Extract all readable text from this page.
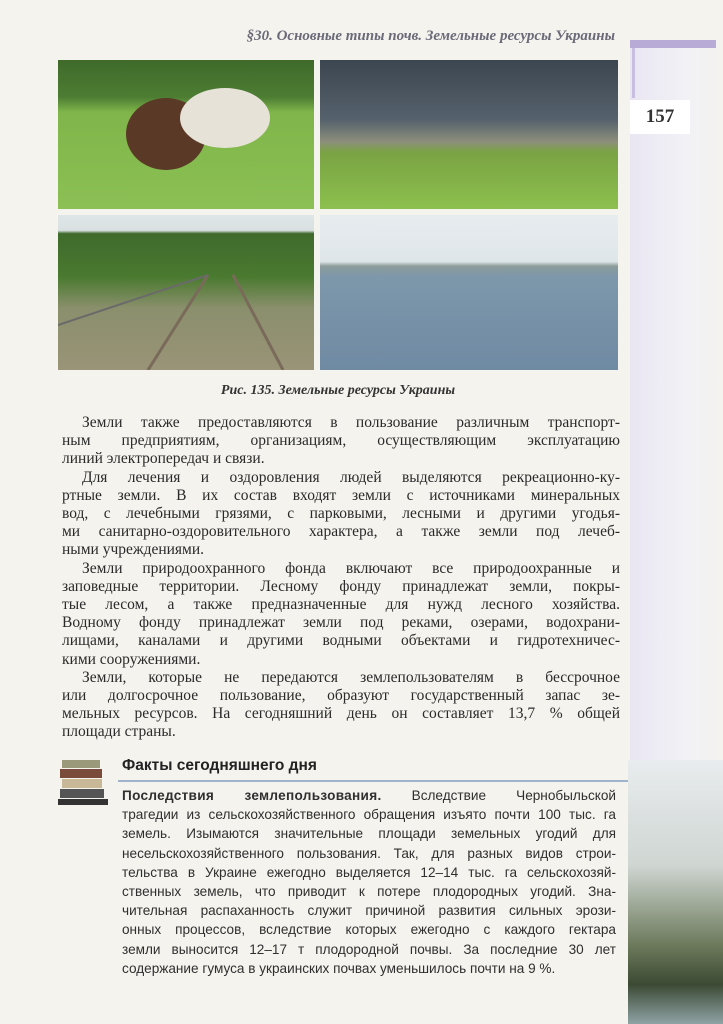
157
§30. Основные типы почв. Земельные ресурсы Украины
Рис. 135. Земельные ресурсы Украины
Земли также предоставляются в пользование различным транспорт-
ным предприятиям, организациям, осуществляющим эксплуатацию
линий электропередач и связи.
Для лечения и оздоровления людей выделяются рекреационно-ку-
ртные земли. В их состав входят земли с источниками минеральных
вод, с лечебными грязями, с парковыми, лесными и другими угодья-
ми санитарно-оздоровительного характера, а также земли под лечеб-
ными учреждениями.
Земли природоохранного фонда включают все природоохранные и
заповедные территории. Лесному фонду принадлежат земли, покры-
тые лесом, а также предназначенные для нужд лесного хозяйства.
Водному фонду принадлежат земли под реками, озерами, водохрани-
лищами, каналами и другими водными объектами и гидротехничес-
кими сооружениями.
Земли, которые не передаются землепользователям в бессрочное
или долгосрочное пользование, образуют государственный запас зе-
мельных ресурсов. На сегодняшний день он составляет 13,7 % общей
площади страны.
Факты сегодняшнего дня
Последствия землепользования. Вследствие Чернобыльской
трагедии из сельскохозяйственного обращения изъято почти 100 тыс. га
земель. Изымаются значительные площади земельных угодий для
несельскохозяйственного пользования. Так, для разных видов строи-
тельства в Украине ежегодно выделяется 12–14 тыс. га сельскохозяй-
ственных земель, что приводит к потере плодородных угодий. Зна-
чительная распаханность служит причиной развития сильных эрози-
онных процессов, вследствие которых ежегодно с каждого гектара
земли выносится 12–17 т плодородной почвы. За последние 30 лет
содержание гумуса в украинских почвах уменьшилось почти на 9 %.
